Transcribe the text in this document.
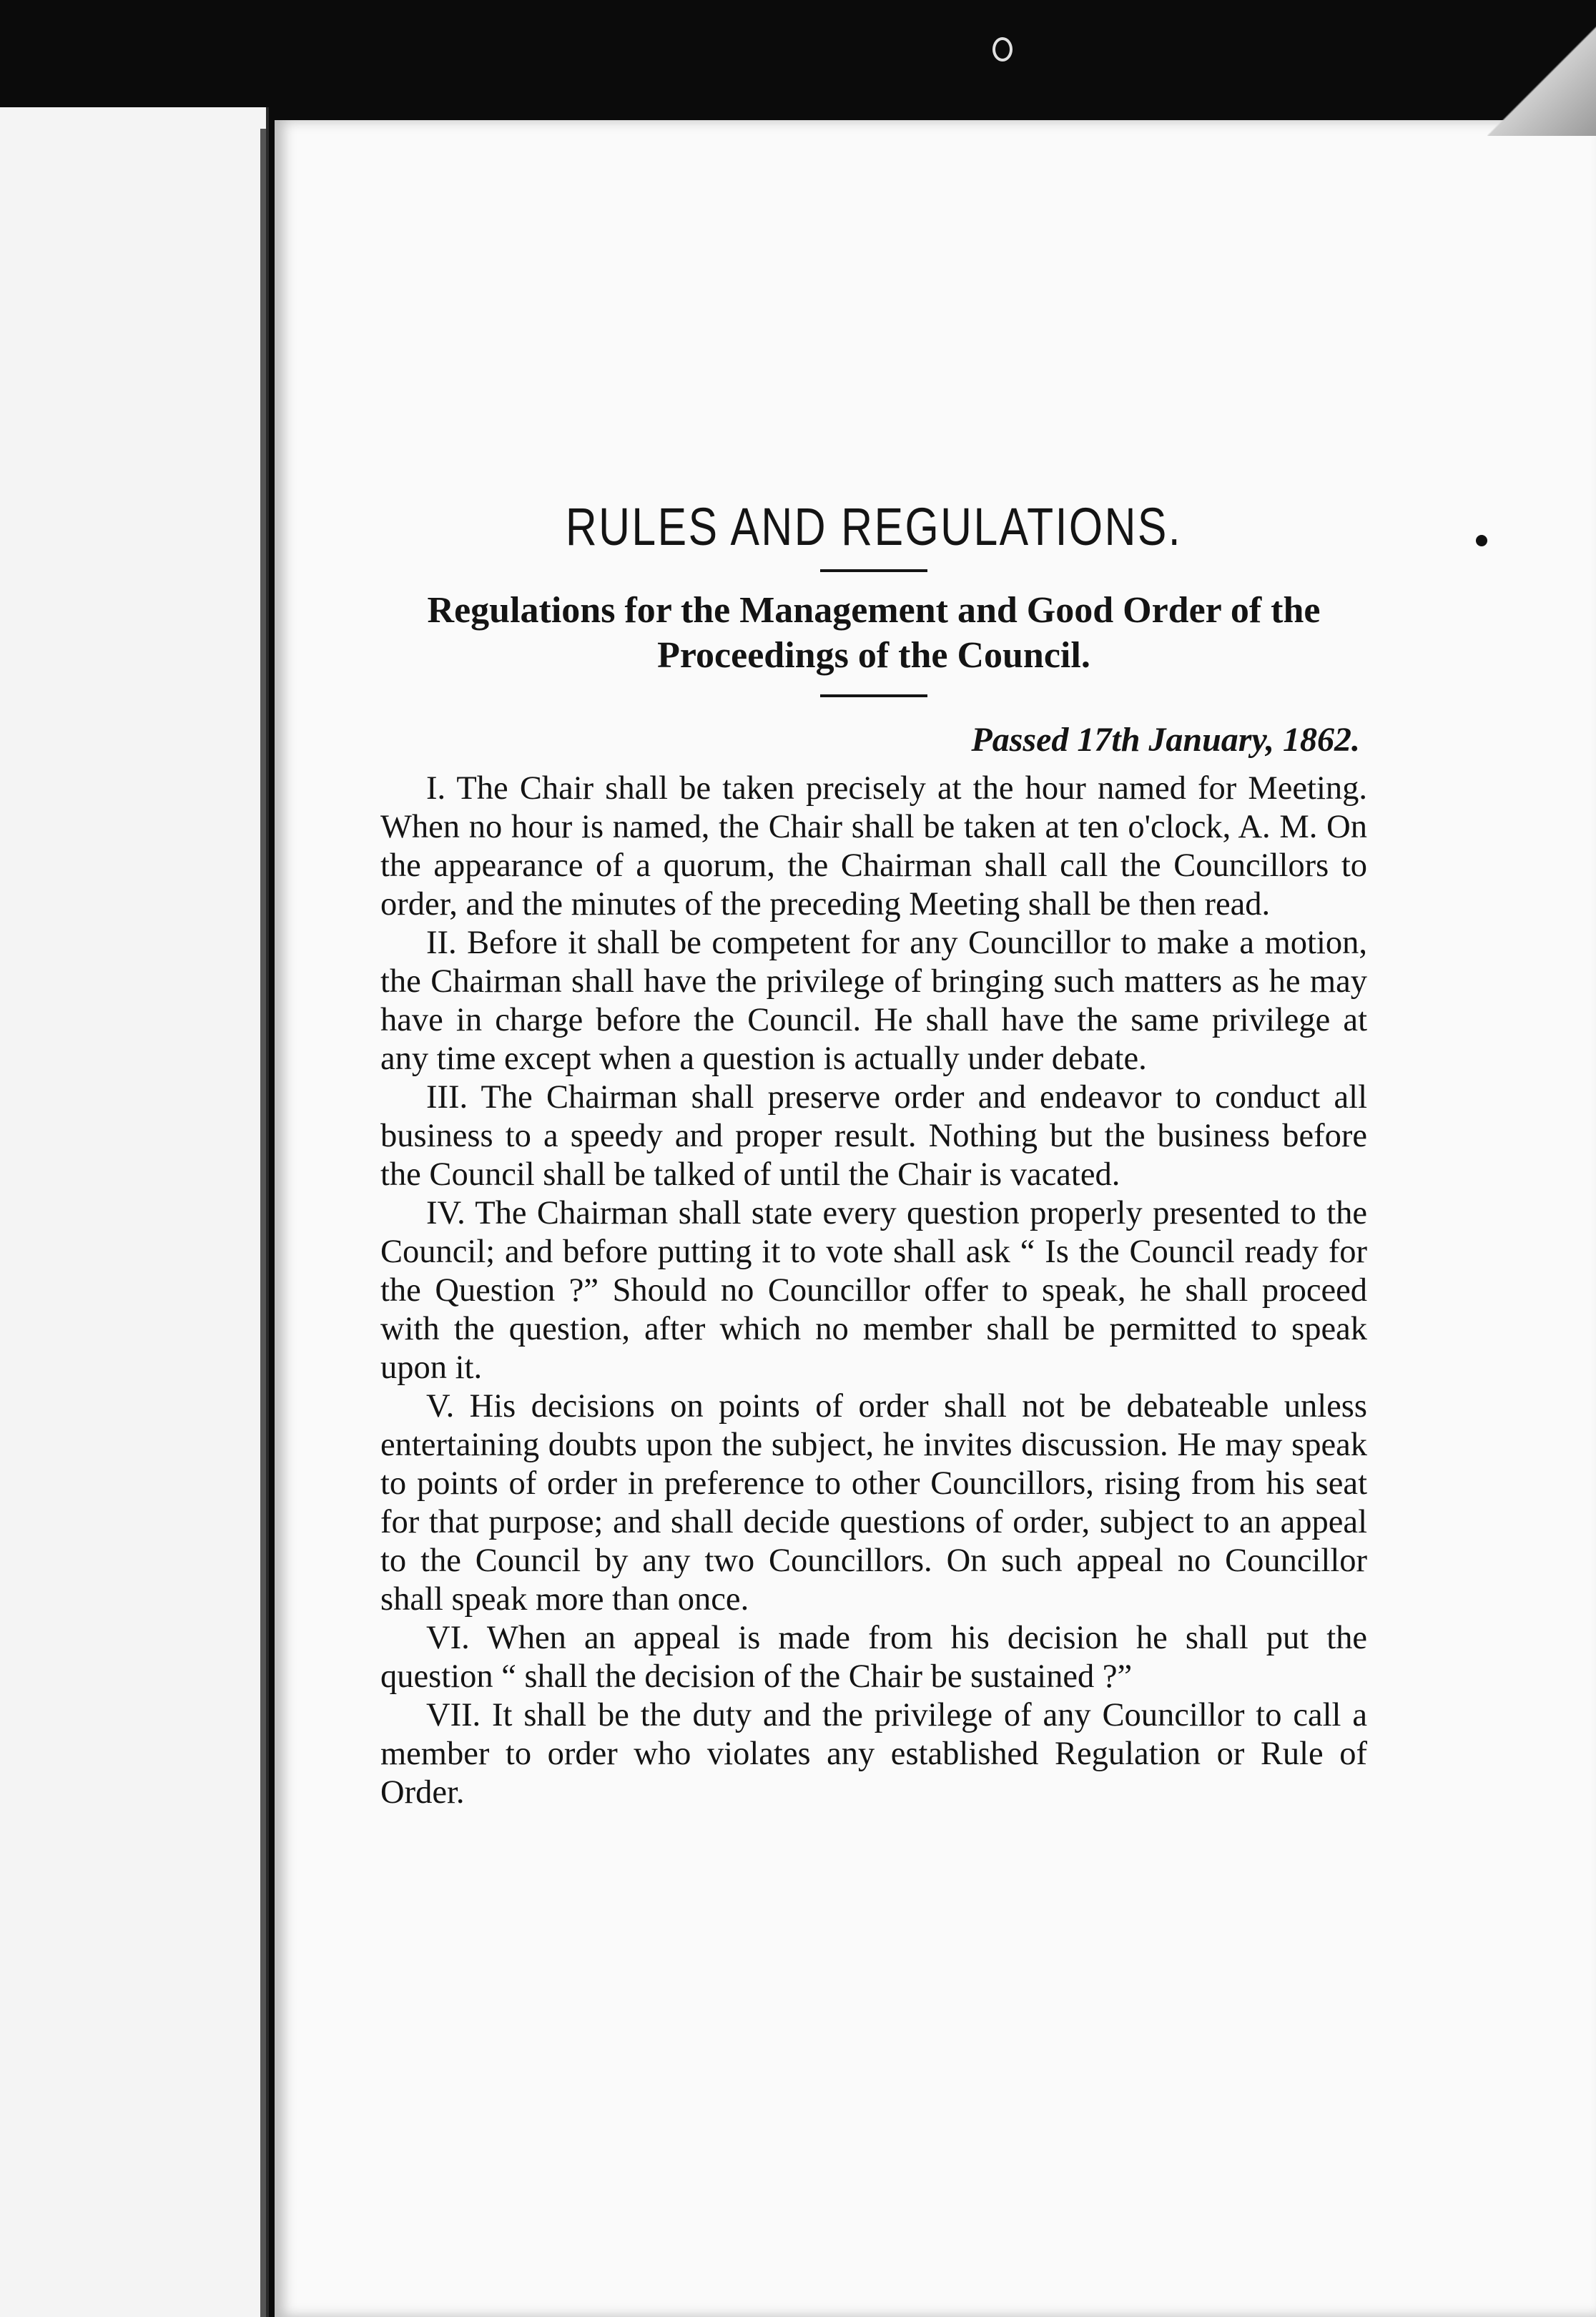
RULES AND REGULATIONS.

Regulations for the Management and Good Order of the Proceedings of the Council.

Passed 17th January, 1862.

I. The Chair shall be taken precisely at the hour named for Meeting. When no hour is named, the Chair shall be taken at ten o'clock, A. M. On the appearance of a quorum, the Chairman shall call the Councillors to order, and the minutes of the preceding Meeting shall be then read.

II. Before it shall be competent for any Councillor to make a motion, the Chairman shall have the privilege of bringing such matters as he may have in charge before the Council. He shall have the same privilege at any time except when a question is actually under debate.

III. The Chairman shall preserve order and endeavor to conduct all business to a speedy and proper result. Nothing but the business before the Council shall be talked of until the Chair is vacated.

IV. The Chairman shall state every question properly presented to the Council; and before putting it to vote shall ask “ Is the Council ready for the Question ?” Should no Councillor offer to speak, he shall proceed with the question, after which no member shall be permitted to speak upon it.

V. His decisions on points of order shall not be debateable unless entertaining doubts upon the subject, he invites discussion. He may speak to points of order in preference to other Councillors, rising from his seat for that purpose; and shall decide questions of order, subject to an appeal to the Council by any two Councillors. On such appeal no Councillor shall speak more than once.

VI. When an appeal is made from his decision he shall put the question “ shall the decision of the Chair be sustained ?”

VII. It shall be the duty and the privilege of any Councillor to call a member to order who violates any established Regulation or Rule of Order.
